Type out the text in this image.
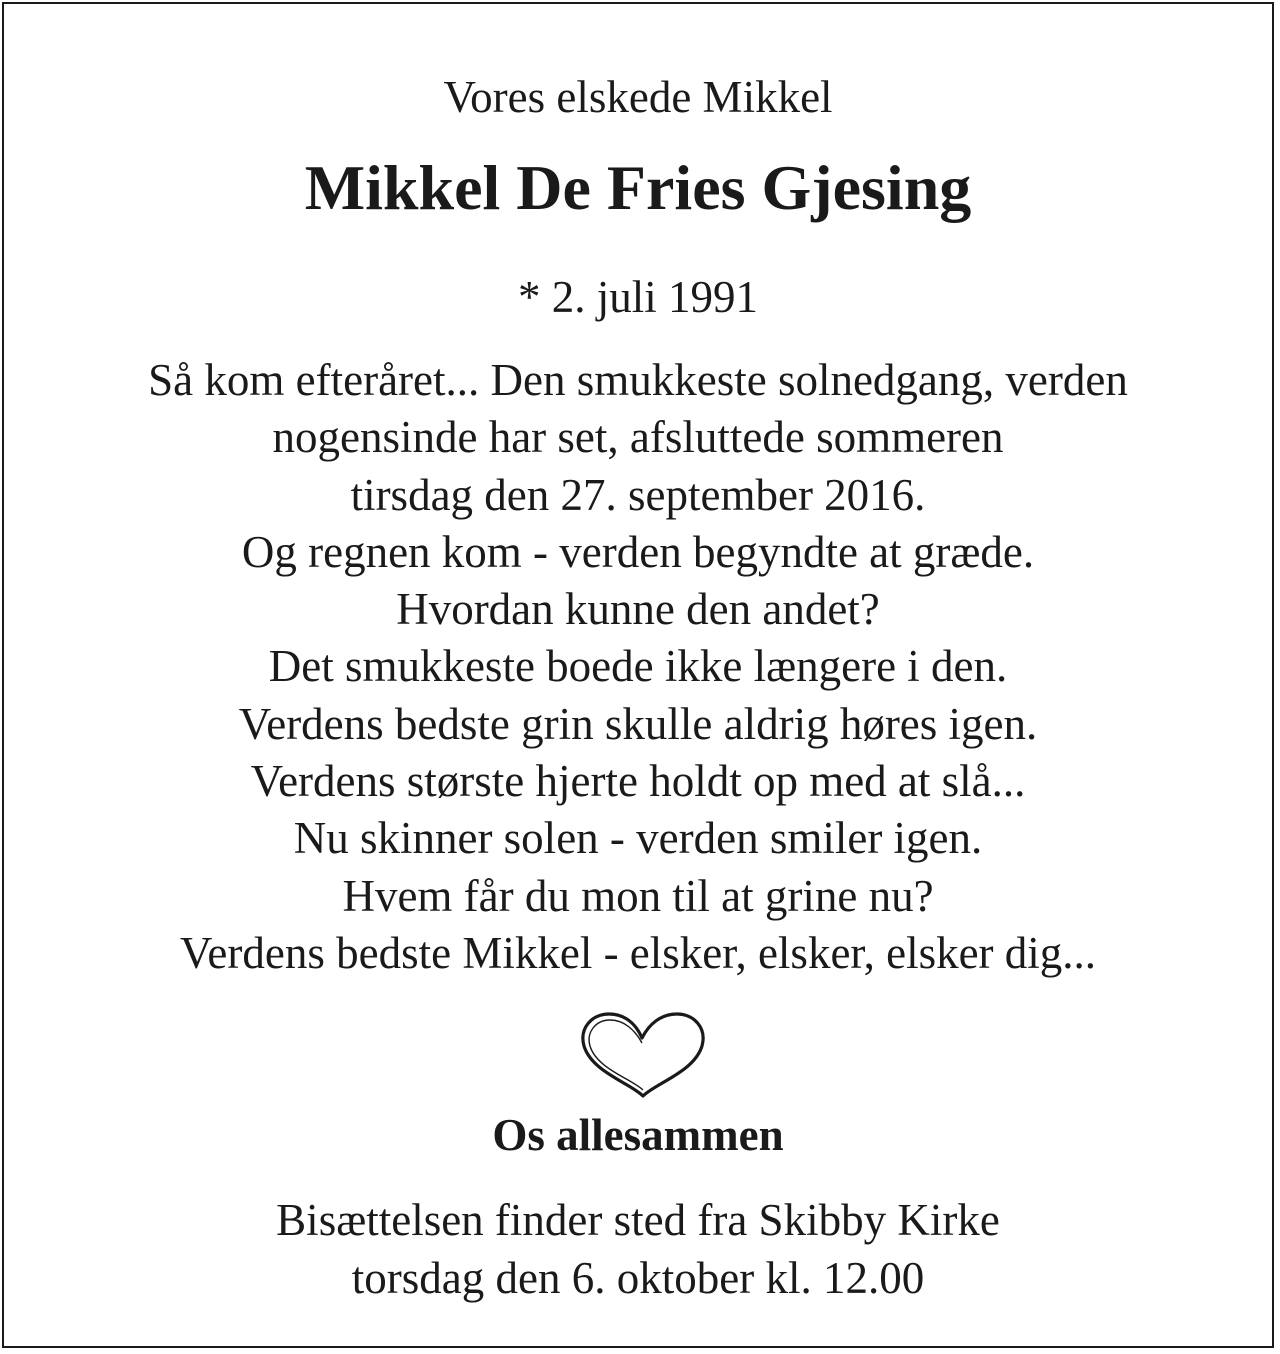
Vores elskede Mikkel
Mikkel De Fries Gjesing
* 2. juli 1991
Så kom efteråret... Den smukkeste solnedgang, verden
nogensinde har set, afsluttede sommeren
tirsdag den 27. september 2016.
Og regnen kom - verden begyndte at græde.
Hvordan kunne den andet?
Det smukkeste boede ikke længere i den.
Verdens bedste grin skulle aldrig høres igen.
Verdens største hjerte holdt op med at slå...
Nu skinner solen - verden smiler igen.
Hvem får du mon til at grine nu?
Verdens bedste Mikkel - elsker, elsker, elsker dig...
Os allesammen
Bisættelsen finder sted fra Skibby Kirke
torsdag den 6. oktober kl. 12.00
